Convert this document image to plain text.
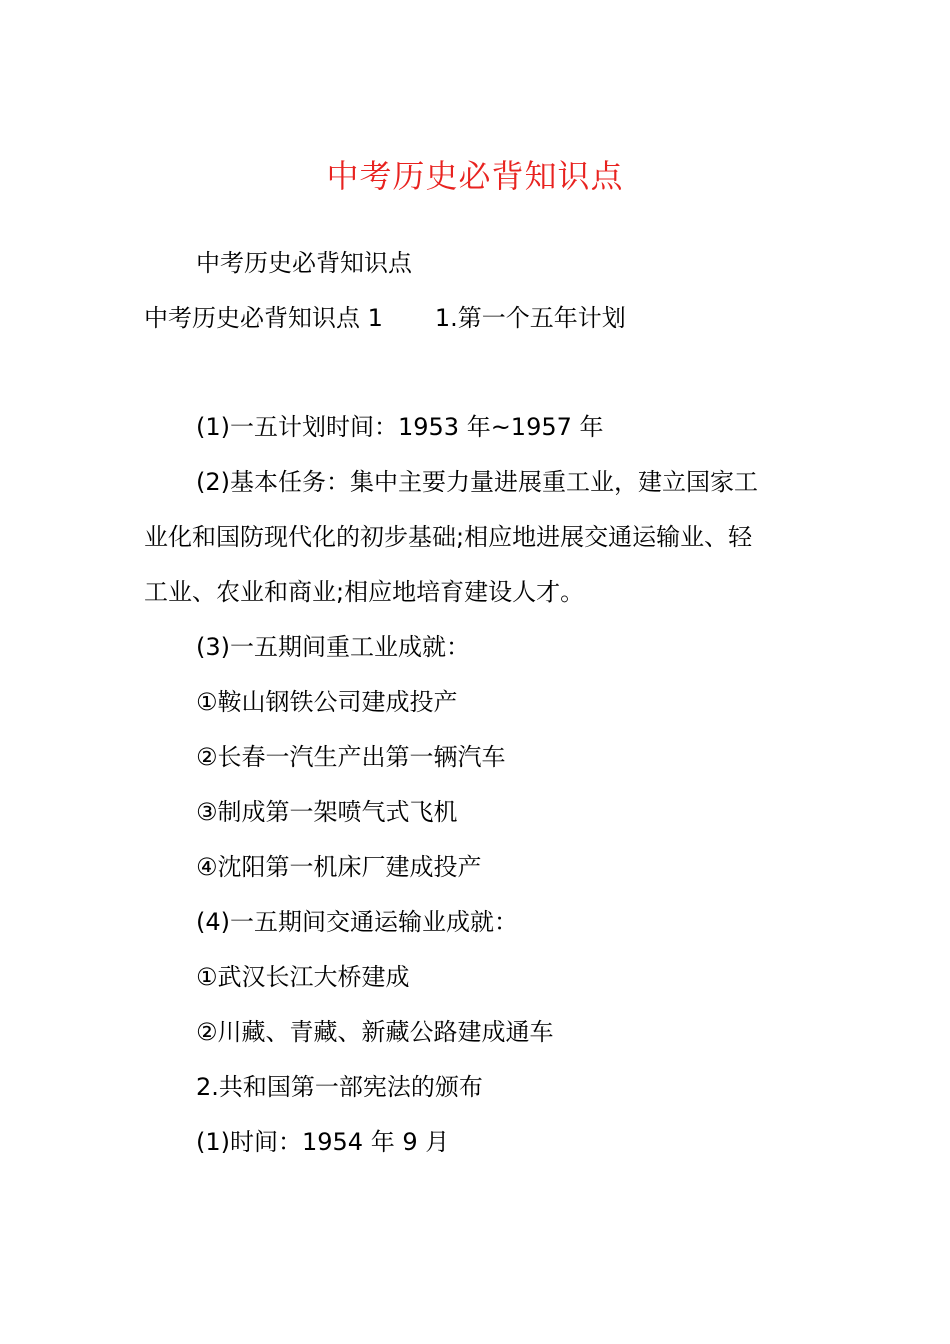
中考历史必背知识点

中考历史必背知识点

中考历史必背知识点 1 1.第一个五年计划

(1)一五计划时间：1953 年~1957 年

(2)基本任务：集中主要力量进展重工业，建立国家工

业化和国防现代化的初步基础;相应地进展交通运输业、轻

工业、农业和商业;相应地培育建设人才。

(3)一五期间重工业成就：

①鞍山钢铁公司建成投产

②长春一汽生产出第一辆汽车

③制成第一架喷气式飞机

④沈阳第一机床厂建成投产

(4)一五期间交通运输业成就：

①武汉长江大桥建成

②川藏、青藏、新藏公路建成通车

2.共和国第一部宪法的颁布

(1)时间：1954 年 9 月
